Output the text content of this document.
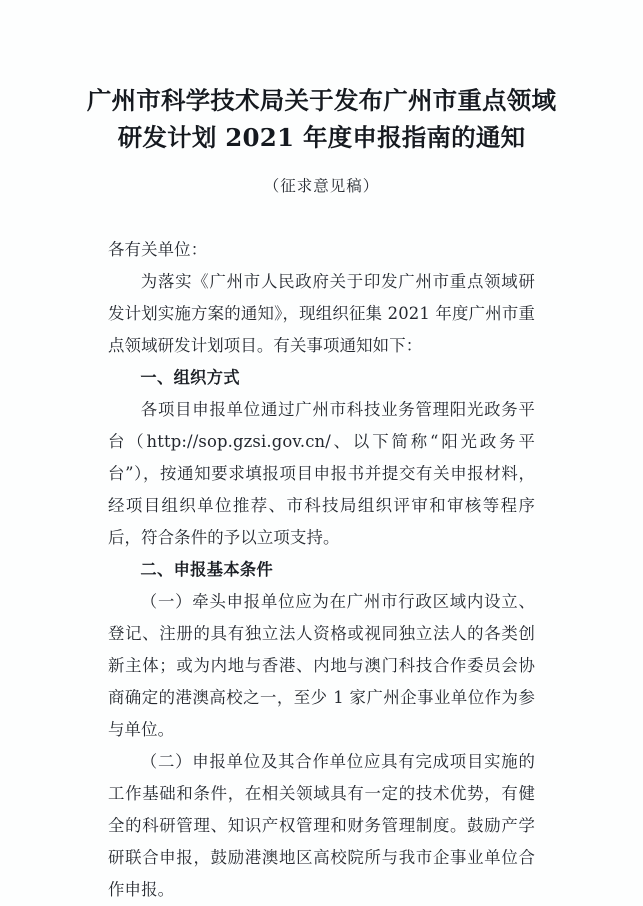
广州市科学技术局关于发布广州市重点领域
研发计划 2021 年度申报指南的通知

（征求意见稿）

各有关单位：

为落实《广州市人民政府关于印发广州市重点领域研发计划实施方案的通知》，现组织征集 2021 年度广州市重点领域研发计划项目。有关事项通知如下：

一、组织方式

各项目申报单位通过广州市科技业务管理阳光政务平台（http://sop.gzsi.gov.cn/、以下简称“阳光政务平台”），按通知要求填报项目申报书并提交有关申报材料，经项目组织单位推荐、市科技局组织评审和审核等程序后，符合条件的予以立项支持。

二、申报基本条件

（一）牵头申报单位应为在广州市行政区域内设立、登记、注册的具有独立法人资格或视同独立法人的各类创新主体；或为内地与香港、内地与澳门科技合作委员会协商确定的港澳高校之一，至少 1 家广州企事业单位作为参与单位。

（二）申报单位及其合作单位应具有完成项目实施的工作基础和条件，在相关领域具有一定的技术优势，有健全的科研管理、知识产权管理和财务管理制度。鼓励产学研联合申报，鼓励港澳地区高校院所与我市企事业单位合作申报。
